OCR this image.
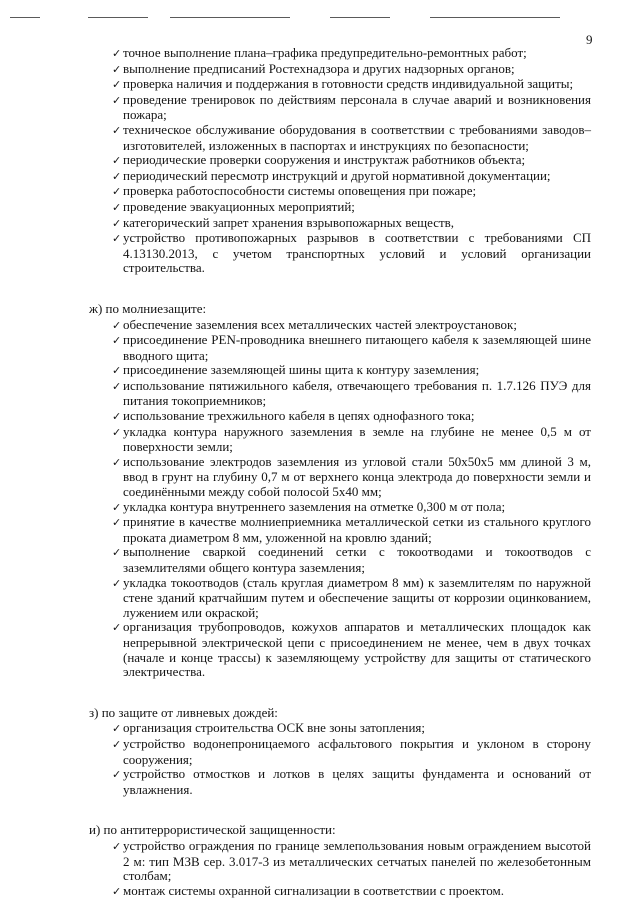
9
✓ точное выполнение плана–графика предупредительно-ремонтных работ;
✓ выполнение предписаний Ростехнадзора и других надзорных органов;
✓ проверка наличия и поддержания в готовности средств индивидуальной защиты;
✓ проведение тренировок по действиям персонала в случае аварий и возникновения пожара;
✓ техническое обслуживание оборудования в соответствии с требованиями заводов–изготовителей, изложенных в паспортах и инструкциях по безопасности;
✓ периодические проверки сооружения и инструктаж работников объекта;
✓ периодический пересмотр инструкций и другой нормативной документации;
✓ проверка работоспособности системы оповещения при пожаре;
✓ проведение эвакуационных мероприятий;
✓ категорический запрет хранения взрывопожарных веществ,
✓ устройство противопожарных разрывов в соответствии с требованиями СП 4.13130.2013, с учетом транспортных условий и условий организации строительства.
ж) по молниезащите:
✓ обеспечение заземления всех металлических частей электроустановок;
✓ присоединение PEN-проводника внешнего питающего кабеля к заземляющей шине вводного щита;
✓ присоединение заземляющей шины щита к контуру заземления;
✓ использование пятижильного кабеля, отвечающего требования п. 1.7.126 ПУЭ для питания токоприемников;
✓ использование трехжильного кабеля в цепях однофазного тока;
✓ укладка контура наружного заземления в земле на глубине не менее 0,5 м от поверхности земли;
✓ использование электродов заземления из угловой стали 50x50x5 мм длиной 3 м, ввод в грунт на глубину 0,7 м от верхнего конца электрода до поверхности земли и соединёнными между собой полосой 5x40 мм;
✓ укладка контура внутреннего заземления на отметке 0,300 м от пола;
✓ принятие в качестве молниеприемника металлической сетки из стального круглого проката диаметром 8 мм, уложенной на кровлю зданий;
✓ выполнение сваркой соединений сетки с токоотводами и токоотводов с заземлителями общего контура заземления;
✓ укладка токоотводов (сталь круглая диаметром 8 мм) к заземлителям по наружной стене зданий кратчайшим путем и обеспечение защиты от коррозии оцинкованием, лужением или окраской;
✓ организация трубопроводов, кожухов аппаратов и металлических площадок как непрерывной электрической цепи с присоединением не менее, чем в двух точках (начале и конце трассы) к заземляющему устройству для защиты от статического электричества.
з) по защите от ливневых дождей:
✓ организация строительства ОСК вне зоны затопления;
✓ устройство водонепроницаемого асфальтового покрытия и уклоном в сторону сооружения;
✓ устройство отмостков и лотков в целях защиты фундамента и оснований от увлажнения.
и) по антитеррористической защищенности:
✓ устройство ограждения по границе землепользования новым ограждением высотой 2 м: тип МЗВ сер. 3.017-3 из металлических сетчатых панелей по железобетонным столбам;
✓ монтаж системы охранной сигнализации в соответствии с проектом.
